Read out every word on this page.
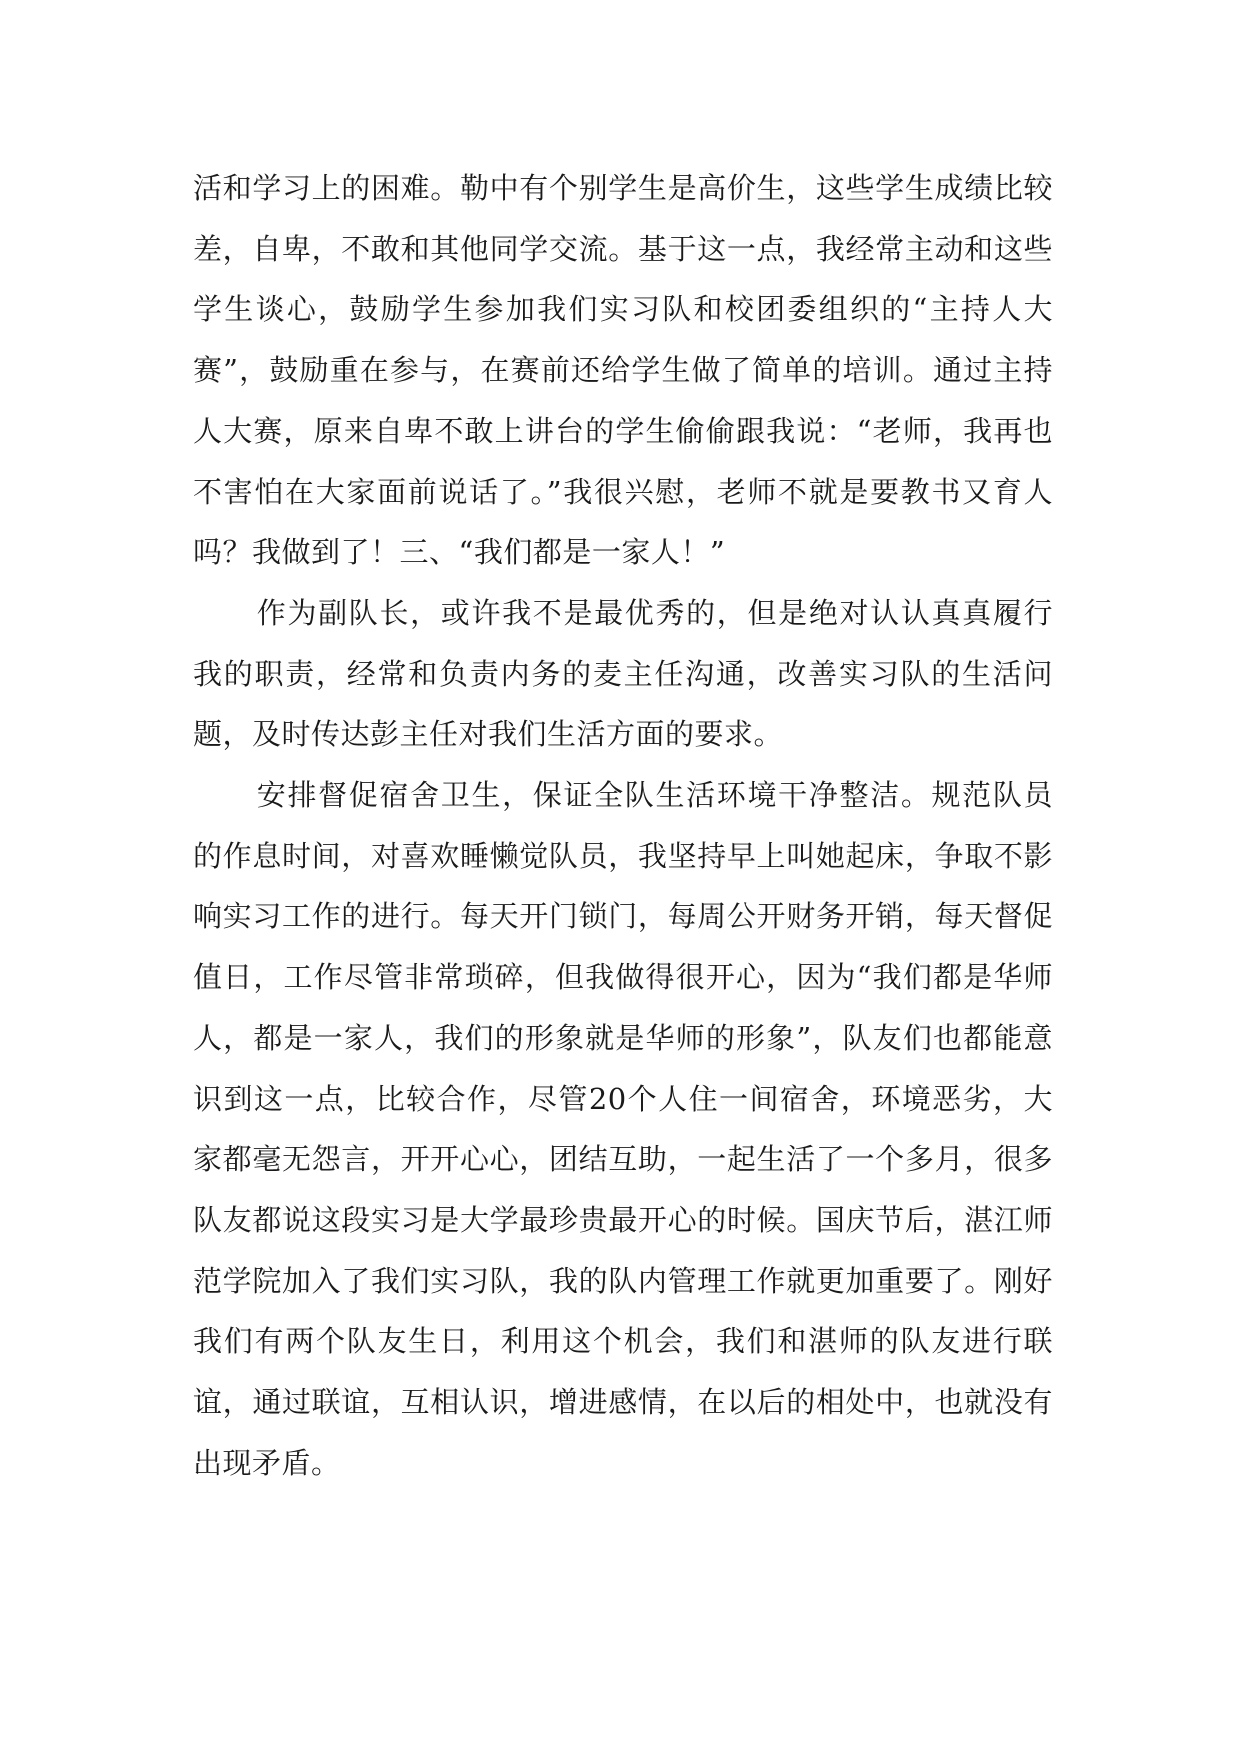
活和学习上的困难。勒中有个别学生是高价生，这些学生成绩比较差，自卑，不敢和其他同学交流。基于这一点，我经常主动和这些学生谈心，鼓励学生参加我们实习队和校团委组织的“主持人大赛”，鼓励重在参与，在赛前还给学生做了简单的培训。通过主持人大赛，原来自卑不敢上讲台的学生偷偷跟我说：“老师，我再也不害怕在大家面前说话了。”我很兴慰，老师不就是要教书又育人吗？我做到了！三、“我们都是一家人！”

作为副队长，或许我不是最优秀的，但是绝对认认真真履行我的职责，经常和负责内务的麦主任沟通，改善实习队的生活问题，及时传达彭主任对我们生活方面的要求。

安排督促宿舍卫生，保证全队生活环境干净整洁。规范队员的作息时间，对喜欢睡懒觉队员，我坚持早上叫她起床，争取不影响实习工作的进行。每天开门锁门，每周公开财务开销，每天督促值日，工作尽管非常琐碎，但我做得很开心，因为“我们都是华师人，都是一家人，我们的形象就是华师的形象”，队友们也都能意识到这一点，比较合作，尽管20个人住一间宿舍，环境恶劣，大家都毫无怨言，开开心心，团结互助，一起生活了一个多月，很多队友都说这段实习是大学最珍贵最开心的时候。国庆节后，湛江师范学院加入了我们实习队，我的队内管理工作就更加重要了。刚好我们有两个队友生日，利用这个机会，我们和湛师的队友进行联谊，通过联谊，互相认识，增进感情，在以后的相处中，也就没有出现矛盾。
